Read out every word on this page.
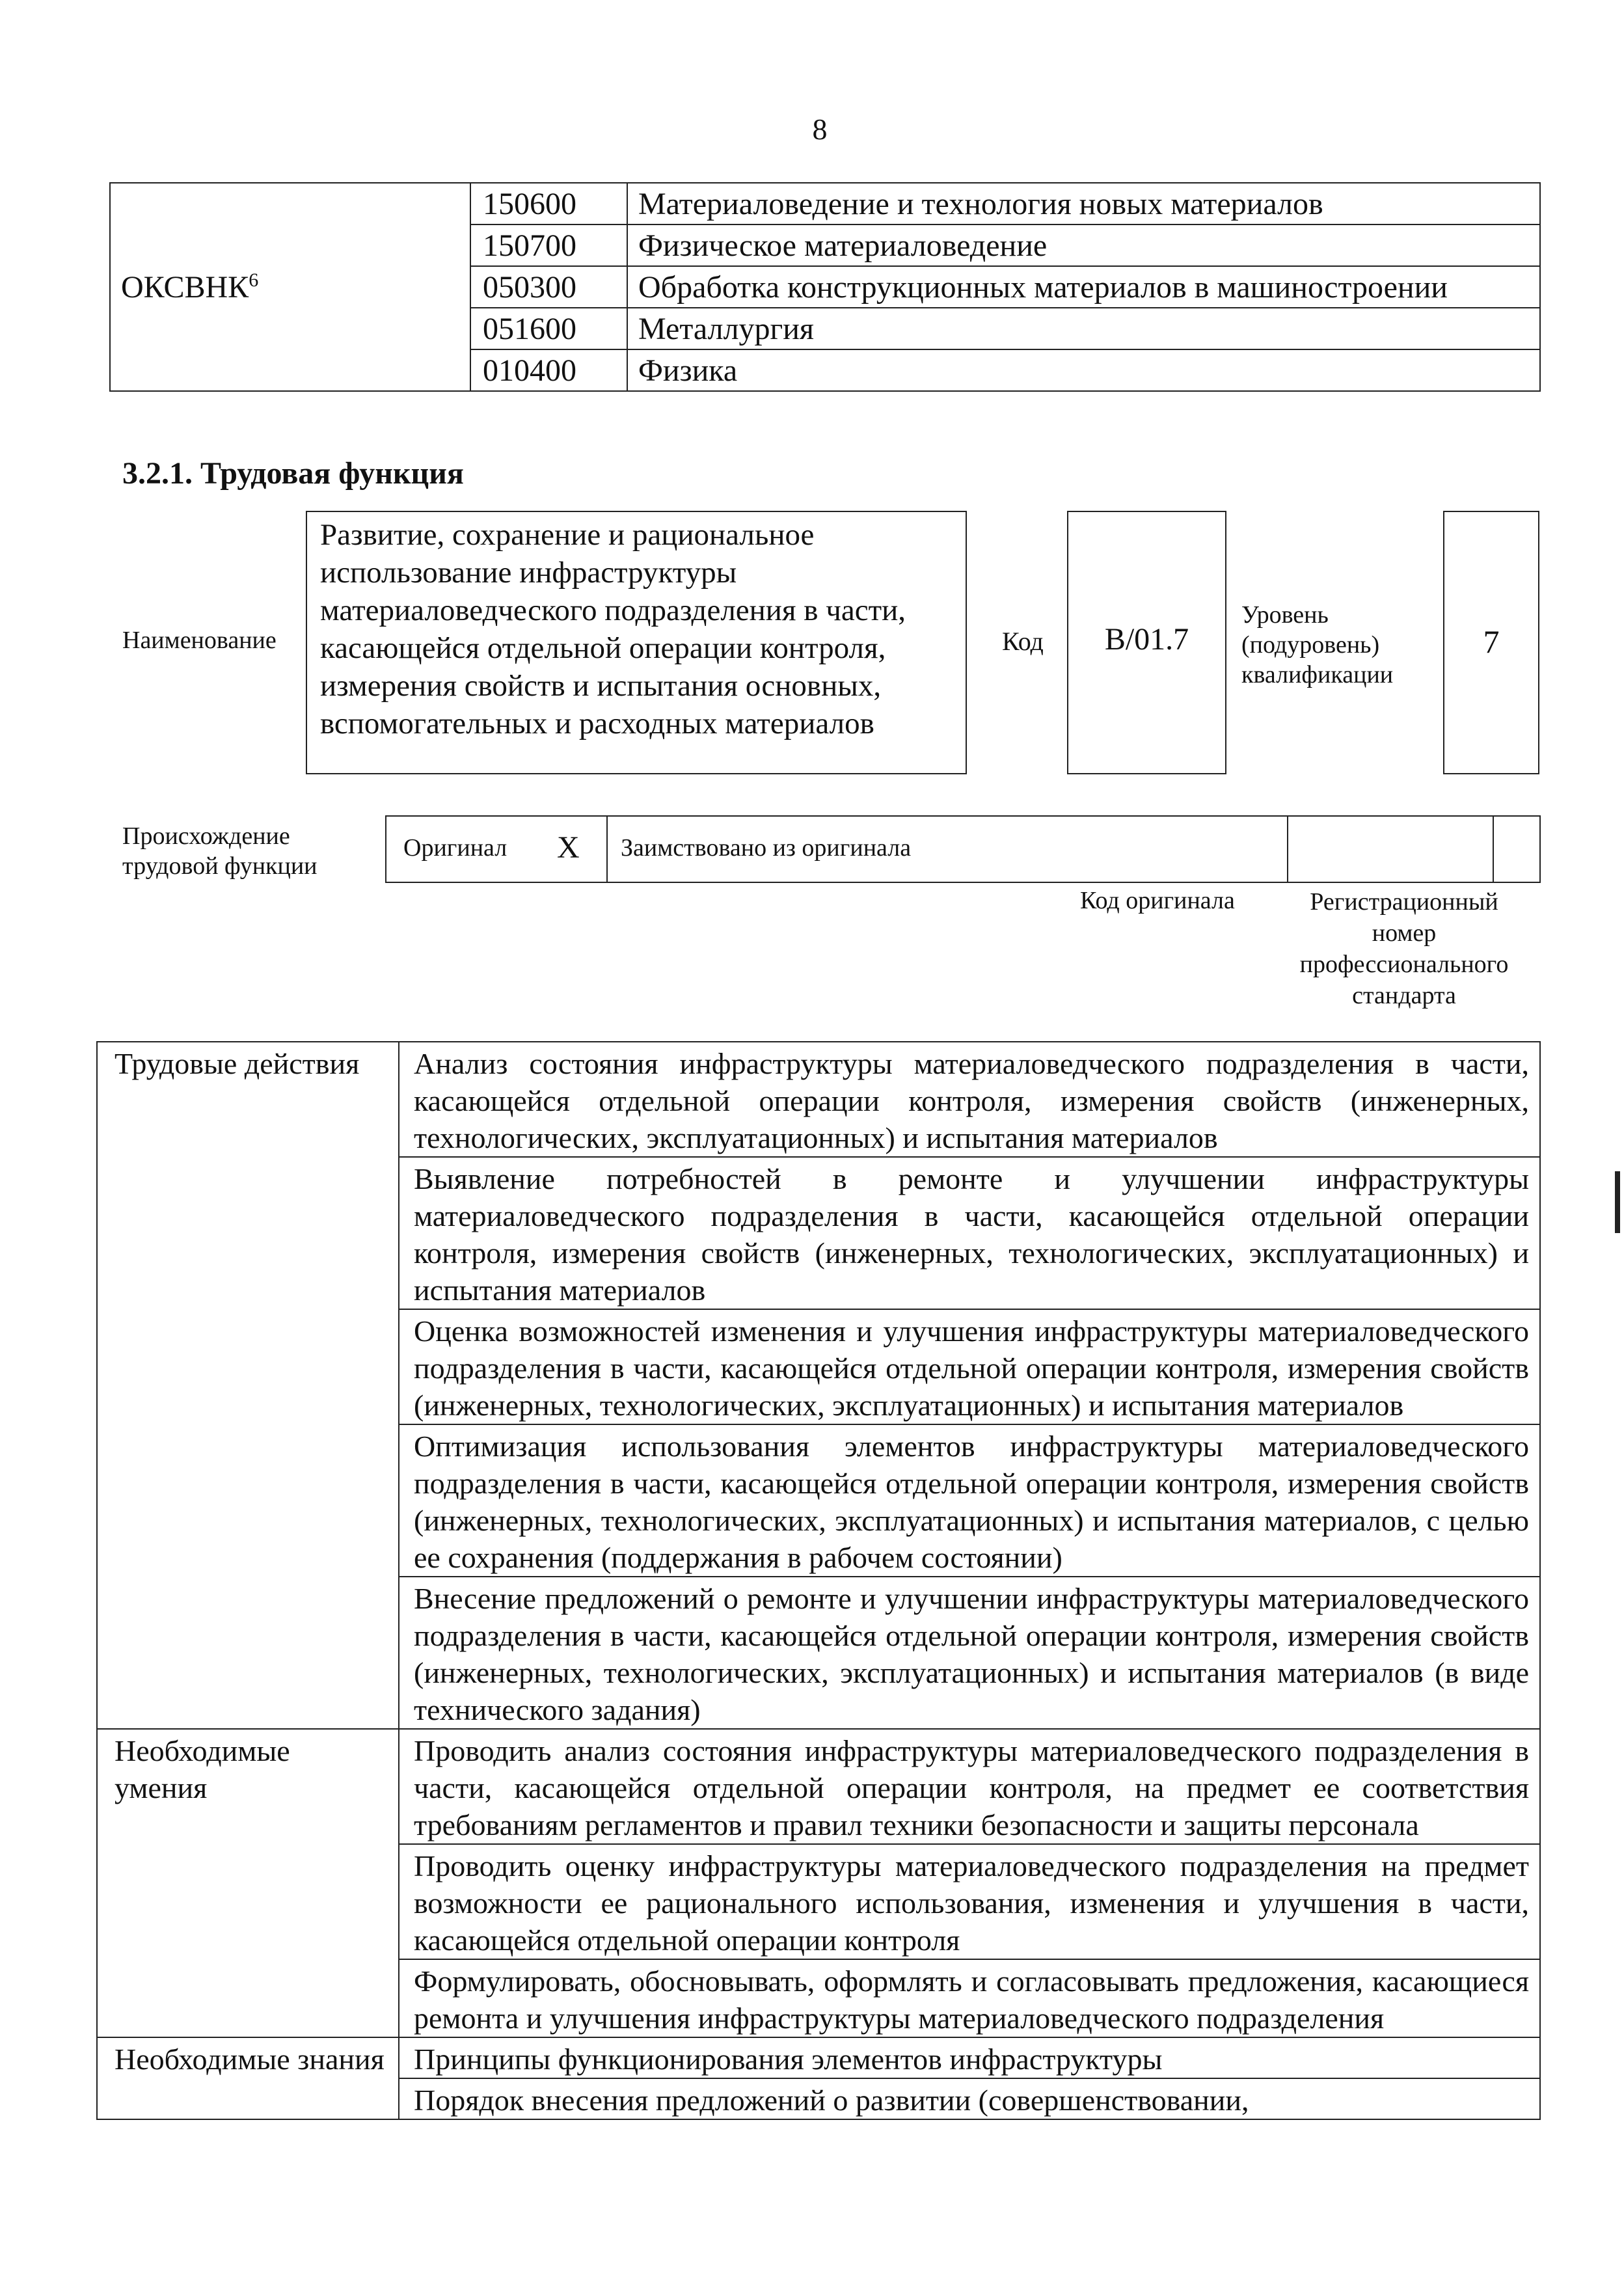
8
ОКСВНК$^6$	150600	Материаловедение и технология новых материалов
	150700	Физическое материаловедение
	050300	Обработка конструкционных материалов в машиностроении
	051600	Металлургия
	010400	Физика
3.2.1. Трудовая функция
Наименование
Развитие, сохранение и рациональное использование инфраструктуры материаловедческого подразделения в части, касающейся отдельной операции контроля, измерения свойств и испытания основных, вспомогательных и расходных материалов
Код	В/01.7
Уровень
(подуровень)
квалификации
7
Происхождение
трудовой функции
Оригинал X	Заимствовано из оригинала
Код оригинала	Регистрационный номер профессионального стандарта
Трудовые действия	Анализ состояния инфраструктуры материаловедческого подразделения в части, касающейся отдельной операции контроля, измерения свойств (инженерных, технологических, эксплуатационных) и испытания материалов
	Выявление потребностей в ремонте и улучшении инфраструктуры материаловедческого подразделения в части, касающейся отдельной операции контроля, измерения свойств (инженерных, технологических, эксплуатационных) и испытания материалов
	Оценка возможностей изменения и улучшения инфраструктуры материаловедческого подразделения в части, касающейся отдельной операции контроля, измерения свойств (инженерных, технологических, эксплуатационных) и испытания материалов
	Оптимизация использования элементов инфраструктуры материаловедческого подразделения в части, касающейся отдельной операции контроля, измерения свойств (инженерных, технологических, эксплуатационных) и испытания материалов, с целью ее сохранения (поддержания в рабочем состоянии)
	Внесение предложений о ремонте и улучшении инфраструктуры материаловедческого подразделения в части, касающейся отдельной операции контроля, измерения свойств (инженерных, технологических, эксплуатационных) и испытания материалов (в виде технического задания)
Необходимые умения	Проводить анализ состояния инфраструктуры материаловедческого подразделения в части, касающейся отдельной операции контроля, на предмет ее соответствия требованиям регламентов и правил техники безопасности и защиты персонала
	Проводить оценку инфраструктуры материаловедческого подразделения на предмет возможности ее рационального использования, изменения и улучшения в части, касающейся отдельной операции контроля
	Формулировать, обосновывать, оформлять и согласовывать предложения, касающиеся ремонта и улучшения инфраструктуры материаловедческого подразделения
Необходимые знания	Принципы функционирования элементов инфраструктуры
	Порядок внесения предложений о развитии (совершенствовании,
